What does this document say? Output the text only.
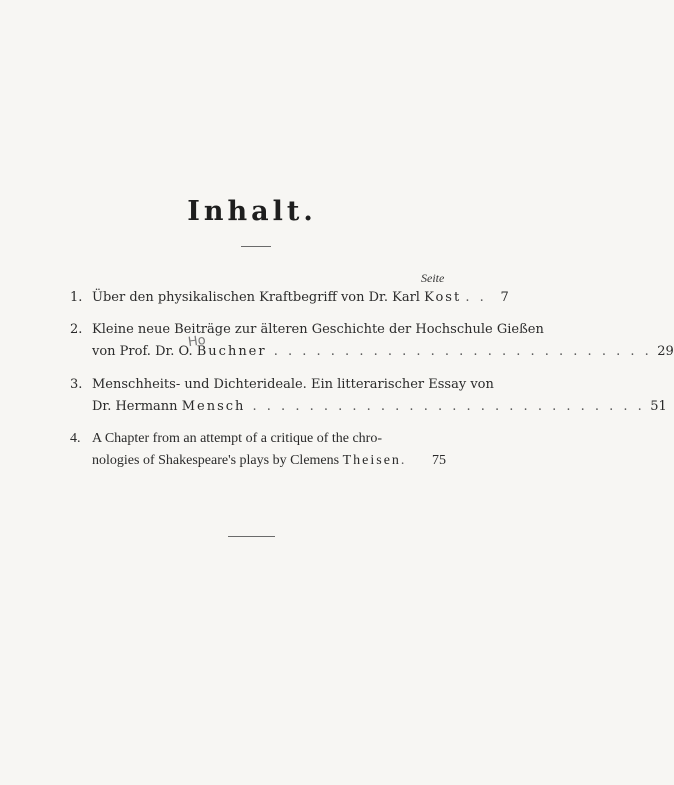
Inhalt.
Seite
1. Über den physikalischen Kraftbegriff von Dr. Karl Kost . .	7
2. Kleine neue Beiträge zur älteren Geschichte der Hochschule Gießen
von Prof. Dr. O.
Buchner . . . . . . . . . . . . . . . . . . . . . . . . . . . 29
Ho
3. Menschheits- und Dichterideale. Ein litterarischer Essay von
Dr. Hermann
Mensch . . . . . . . . . . . . . . . . . . . . . . . . . . . . 51
4. A Chapter from an attempt of a critique of the chro-
nologies of Shakespeare's plays by Clemens
Theisen .	75
